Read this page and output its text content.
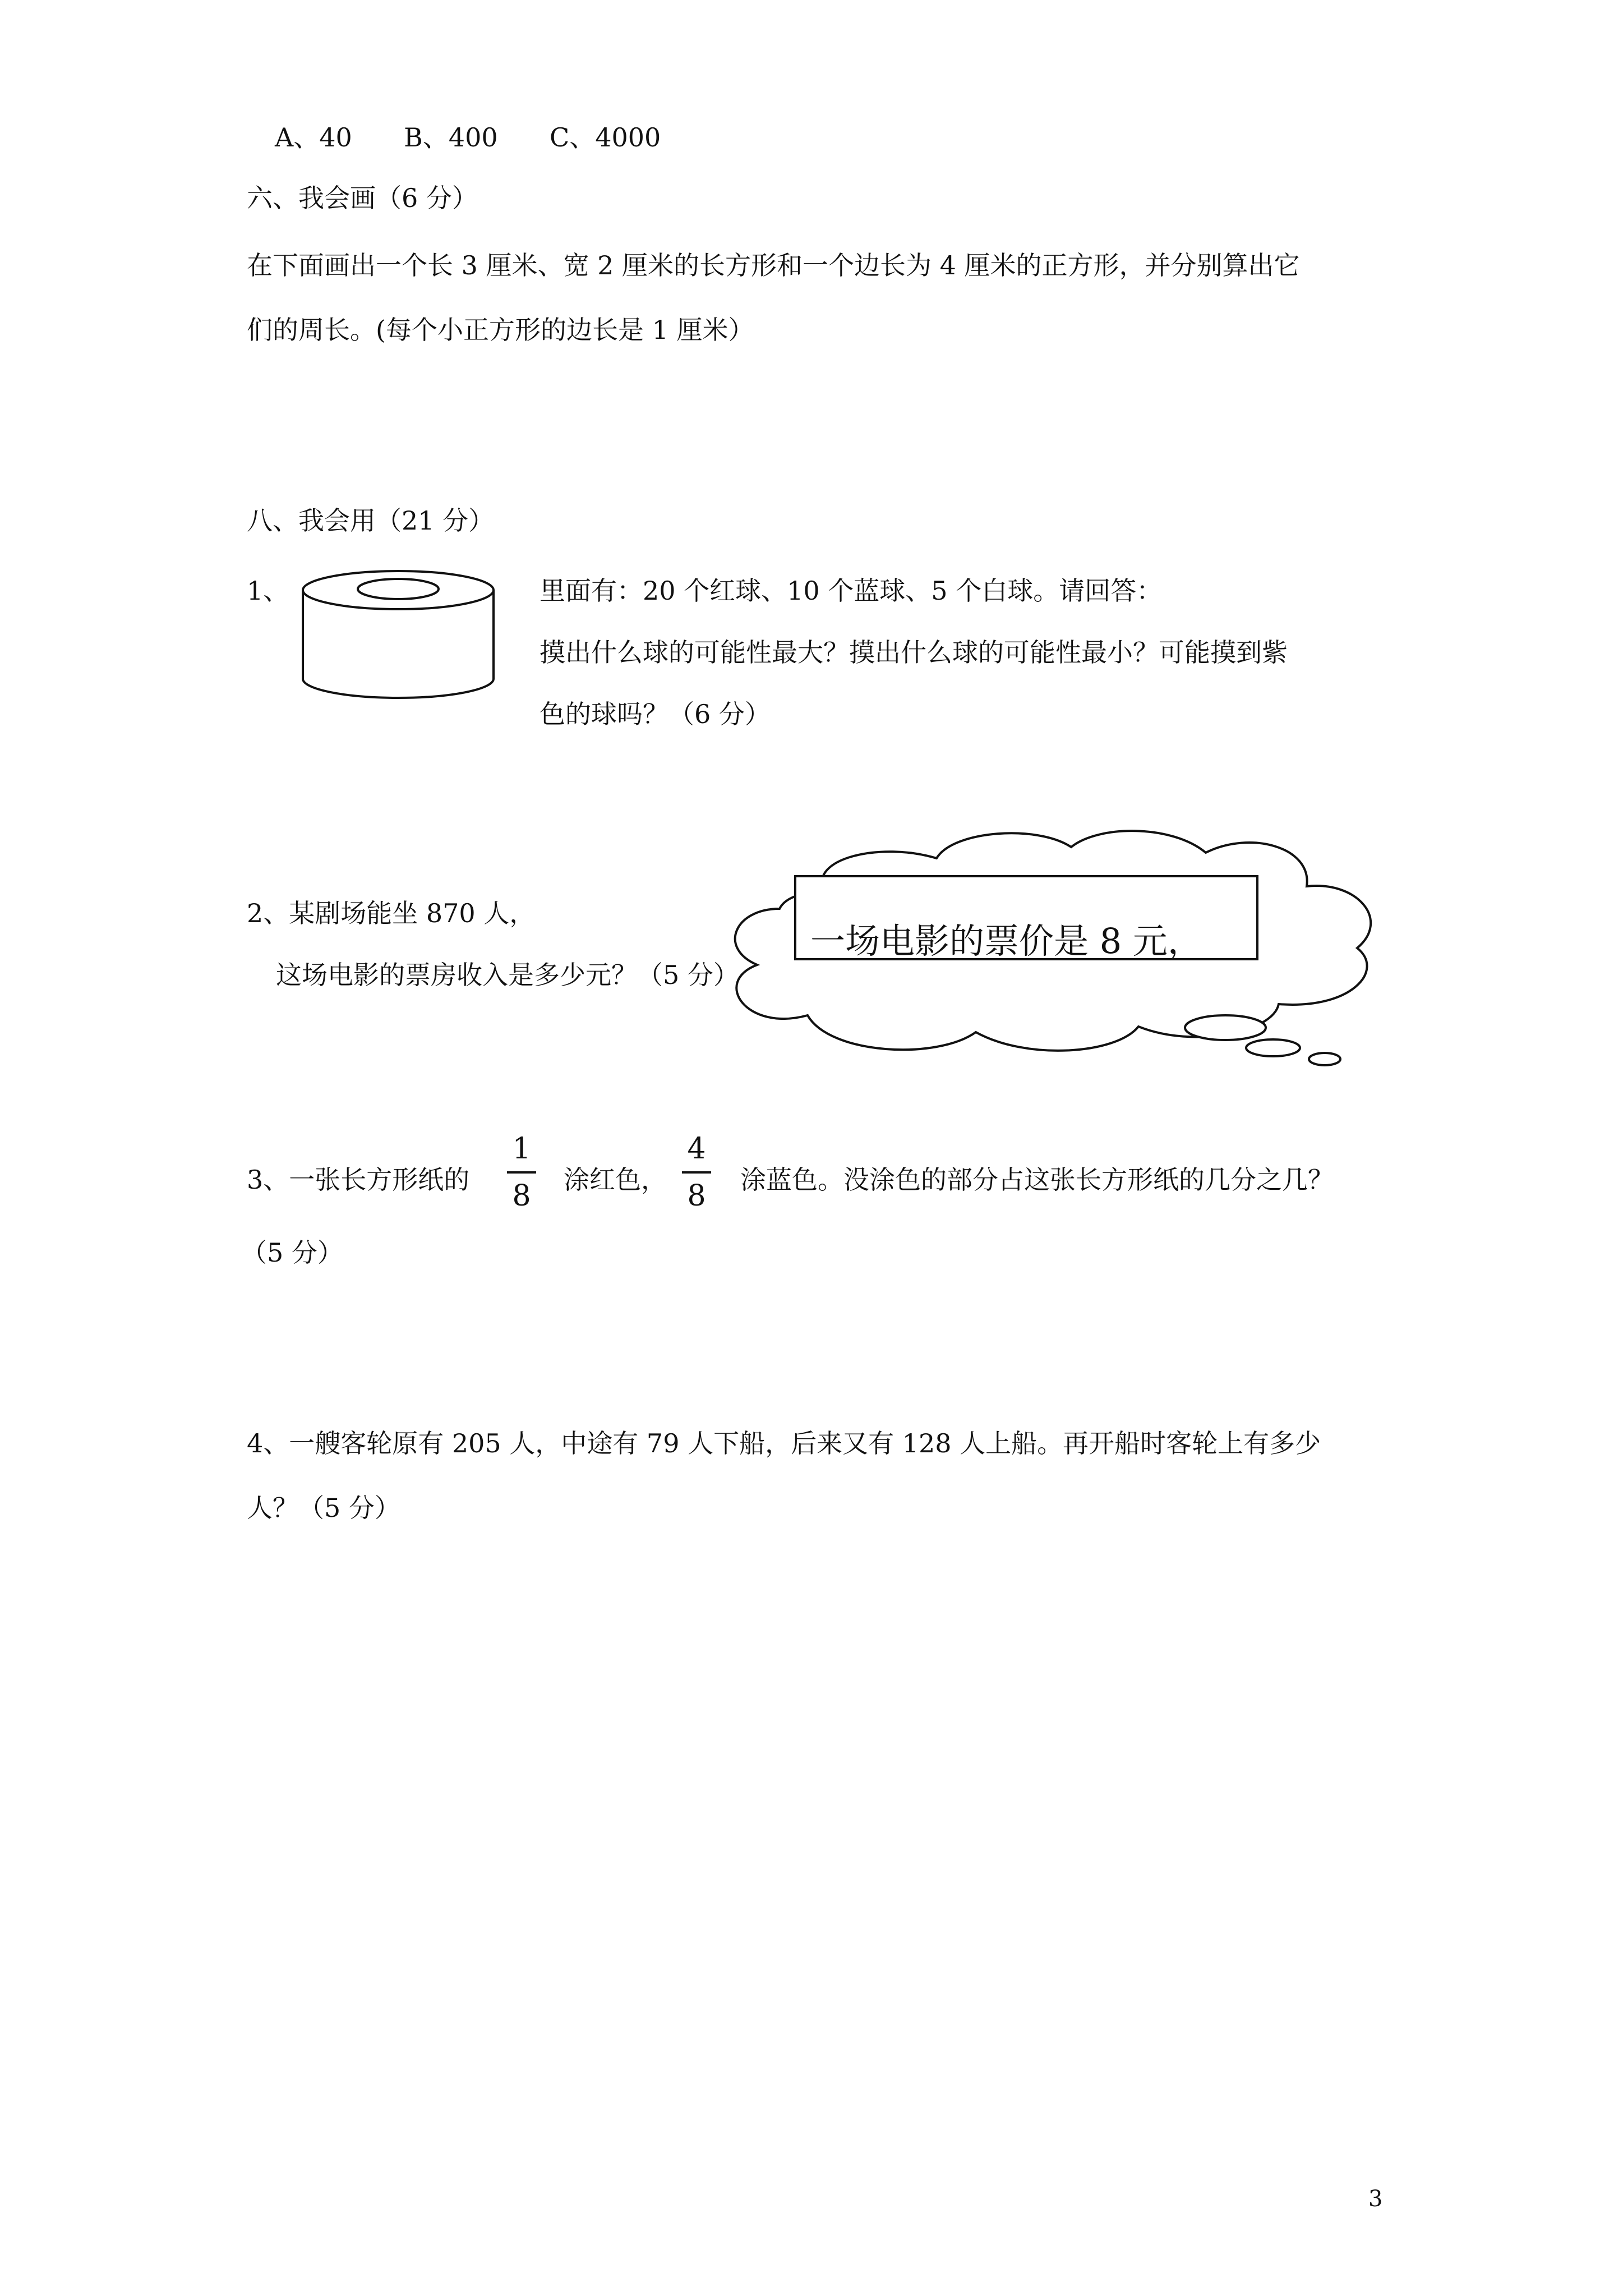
A、40 B、400 C、4000
六、我会画（6 分）
在下面画出一个长 3 厘米、宽 2 厘米的长方形和一个边长为 4 厘米的正方形，并分别算出它
们的周长。(每个小正方形的边长是 1 厘米）
八、我会用（21 分）
1、	里面有：20 个红球、10 个蓝球、5 个白球。请回答：
摸出什么球的可能性最大？摸出什么球的可能性最小？可能摸到紫
色的球吗？（6 分）
2、某剧场能坐 870 人，
这场电影的票房收入是多少元？（5 分）
一场电影的票价是 8 元，
3、一张长方形纸的
1
8 涂红色，
4
8 涂蓝色。没涂色的部分占这张长方形纸的几分之几？
（5 分）
4、一艘客轮原有 205 人，中途有 79 人下船，后来又有 128 人上船。再开船时客轮上有多少
人？（5 分）
3
